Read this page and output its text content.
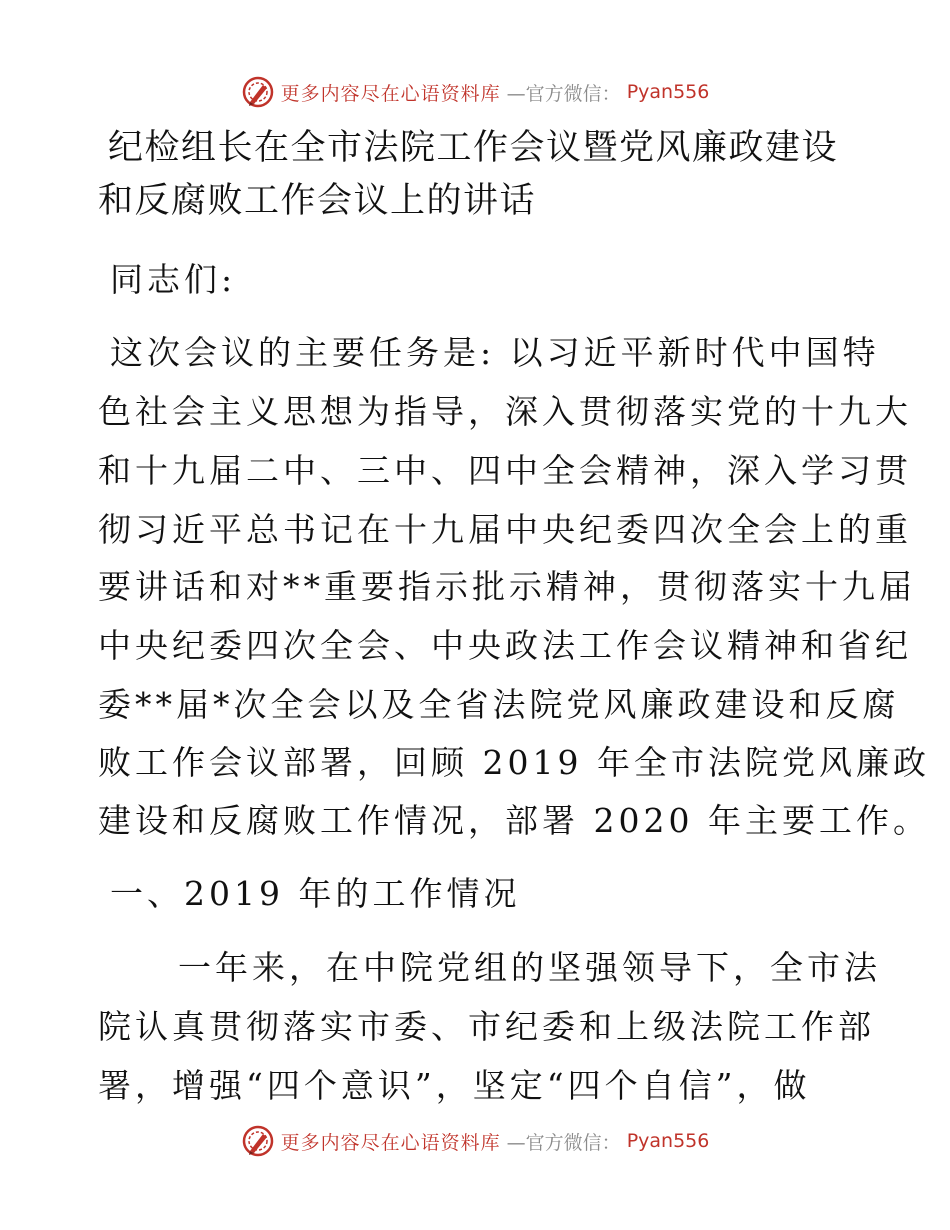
更多内容尽在心语资料库 —官方微信： Pyan556
纪检组长在全市法院工作会议暨党风廉政建设和反腐败工作会议上的讲话
同志们:
这次会议的主要任务是: 以习近平新时代中国特
色社会主义思想为指导，深入贯彻落实党的十九大
和十九届二中、三中、四中全会精神，深入学习贯
彻习近平总书记在十九届中央纪委四次全会上的重
要讲话和对**重要指示批示精神，贯彻落实十九届
中央纪委四次全会、中央政法工作会议精神和省纪
委**届*次全会以及全省法院党风廉政建设和反腐
败工作会议部署，回顾 2019 年全市法院党风廉政
建设和反腐败工作情况，部署 2020 年主要工作。
一、2019 年的工作情况
一年来，在中院党组的坚强领导下，全市法
院认真贯彻落实市委、市纪委和上级法院工作部
署，增强“四个意识”，坚定“四个自信”，做
更多内容尽在心语资料库 —官方微信： Pyan556
